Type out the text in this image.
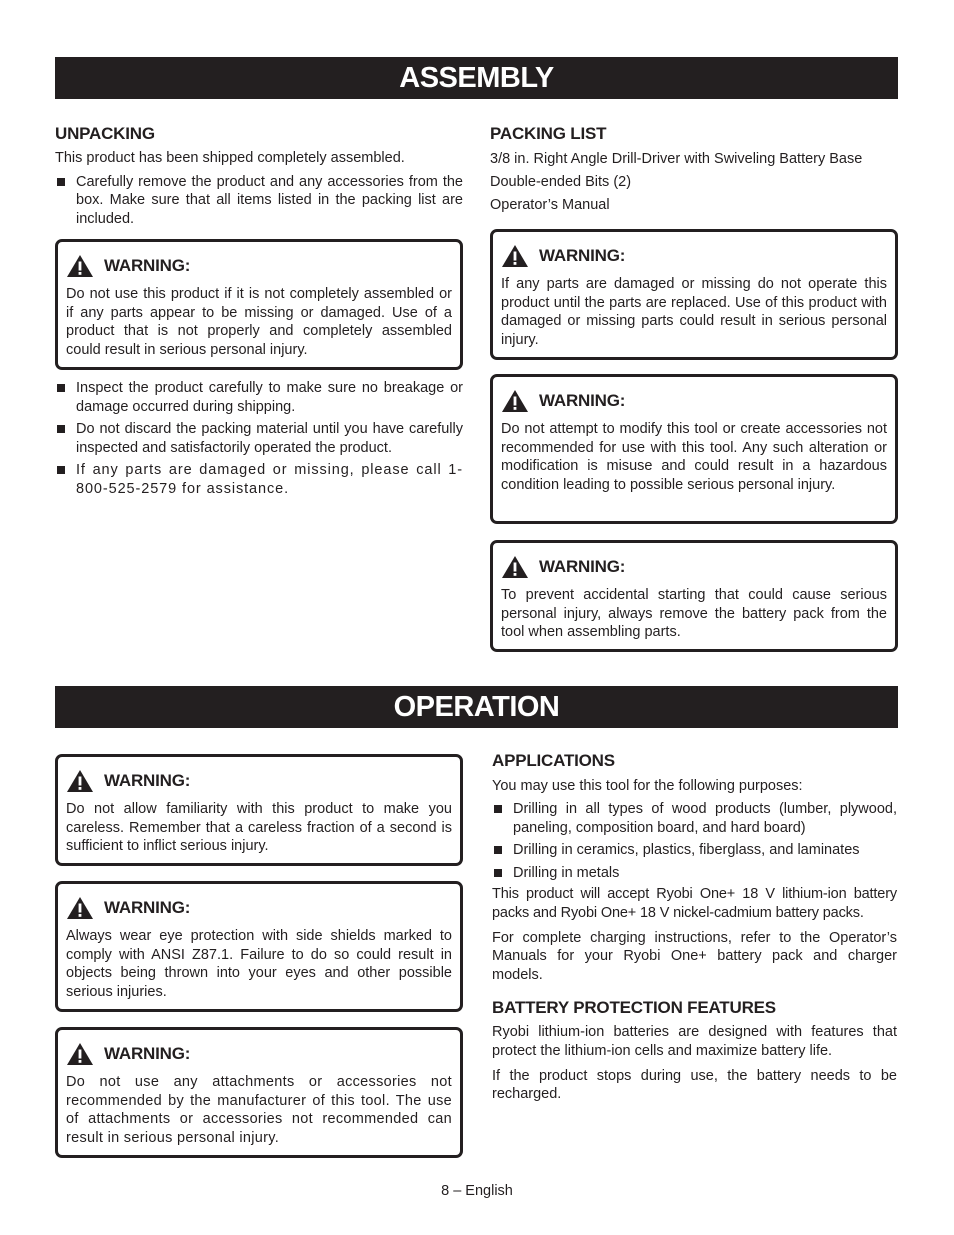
ASSEMBLY
UNPACKING

This product has been shipped completely assembled.

Carefully remove the product and any accessories from the box. Make sure that all items listed in the packing list are included.
WARNING:

Do not use this product if it is not completely assembled or if any parts appear to be missing or damaged. Use of a product that is not properly and completely assembled could result in serious personal injury.

Inspect the product carefully to make sure no breakage or damage occurred during shipping.
Do not discard the packing material until you have carefully inspected and satisfactorily operated the product.
If any parts are damaged or missing, please call 1-800-525-2579 for assistance.
PACKING LIST

3/8 in. Right Angle Drill-Driver with Swiveling Battery Base

Double-ended Bits (2)

Operator’s Manual

WARNING:

If any parts are damaged or missing do not operate this product until the parts are replaced. Use of this product with damaged or missing parts could result in serious personal injury.

WARNING:

Do not attempt to modify this tool or create accessories not recommended for use with this tool. Any such alteration or modification is misuse and could result in a hazardous condition leading to possible serious personal injury.

WARNING:

To prevent accidental starting that could cause serious personal injury, always remove the battery pack from the tool when assembling parts.

OPERATION
WARNING:

Do not allow familiarity with this product to make you careless. Remember that a careless fraction of a second is sufficient to inflict serious injury.

WARNING:

Always wear eye protection with side shields marked to comply with ANSI Z87.1. Failure to do so could result in objects being thrown into your eyes and other possible serious injuries.

WARNING:

Do not use any attachments or accessories not recommended by the manufacturer of this tool. The use of attachments or accessories not recommended can result in serious personal injury.

APPLICATIONS

You may use this tool for the following purposes:

Drilling in all types of wood products (lumber, plywood, paneling, composition board, and hard board)
Drilling in ceramics, plastics, fiberglass, and laminates
Drilling in metals

This product will accept Ryobi One+ 18 V lithium-ion battery packs and Ryobi One+ 18 V nickel-cadmium battery packs.

For complete charging instructions, refer to the Operator’s Manuals for your Ryobi One+ battery pack and charger models.

BATTERY PROTECTION FEATURES

Ryobi lithium-ion batteries are designed with features that protect the lithium-ion cells and maximize battery life.

If the product stops during use, the battery needs to be recharged.

8 – English
